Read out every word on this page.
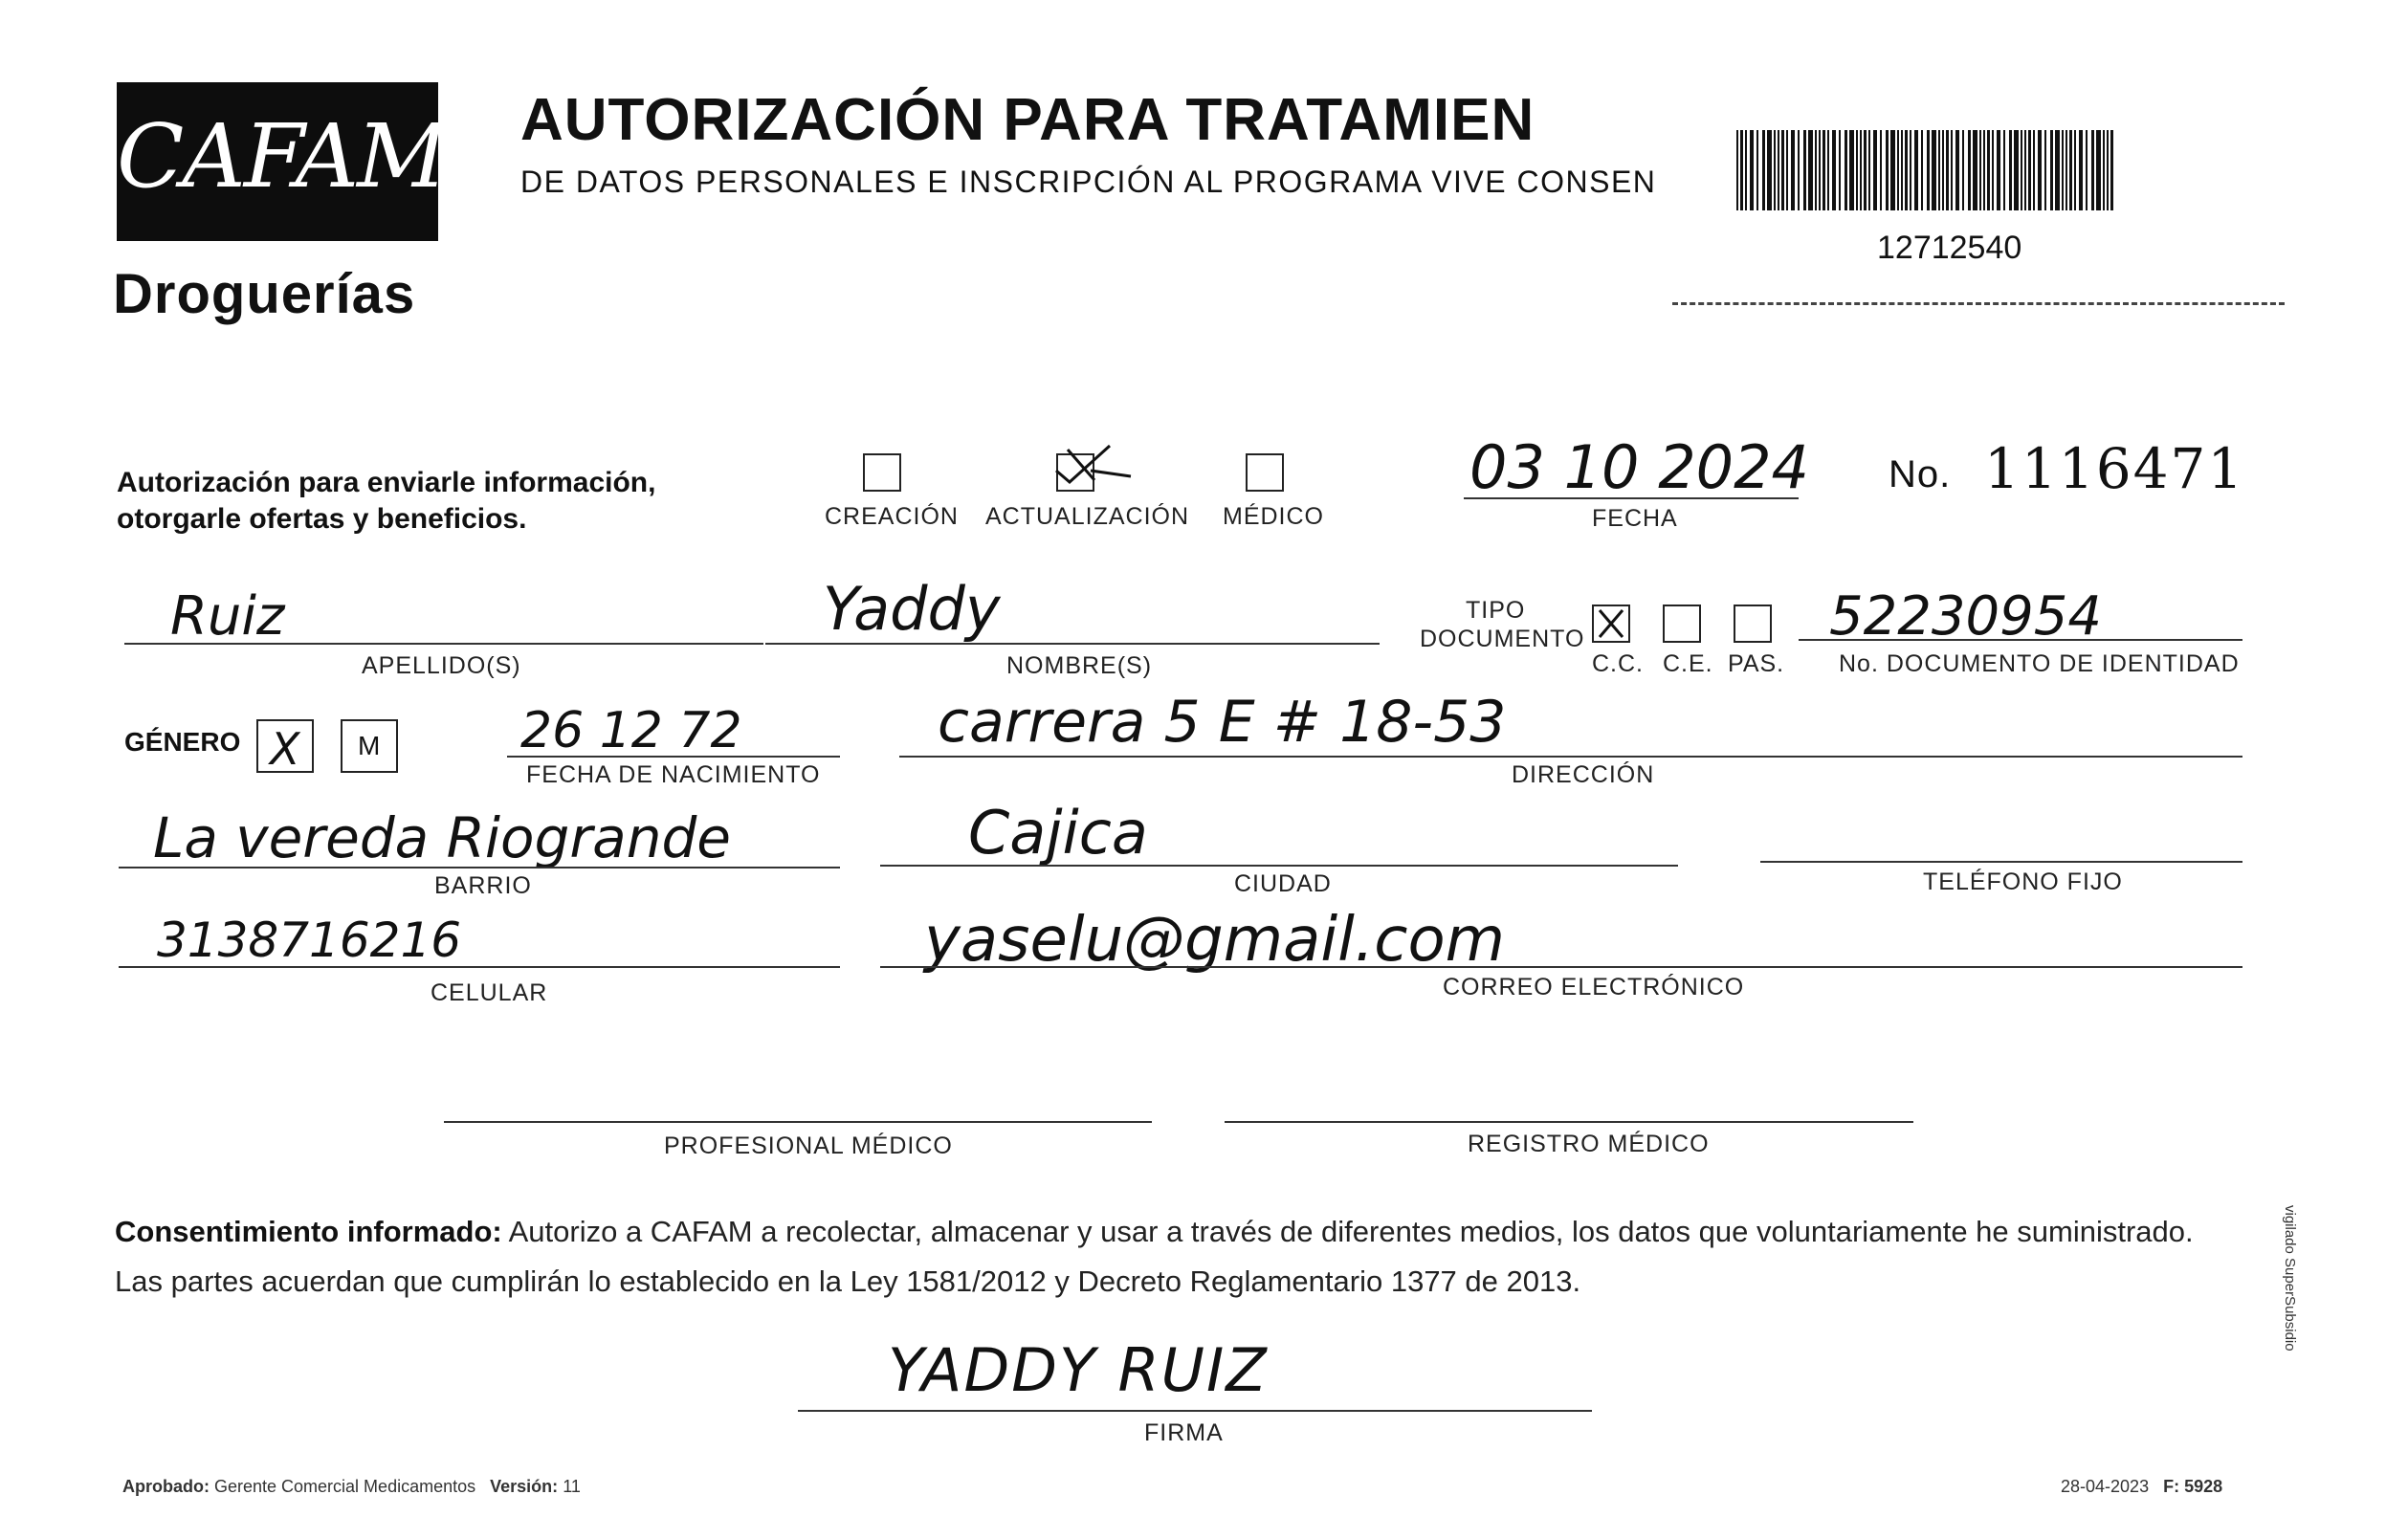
CAFAM
Droguerías
AUTORIZACIÓN PARA TRATAMIEN
DE DATOS PERSONALES E INSCRIPCIÓN AL PROGRAMA VIVE CONSEN
12712540
Autorización para enviarle información,
otorgarle ofertas y beneficios.	CREACIÓN ACTUALIZACIÓN MÉDICO
03 10 2024
FECHA
No. 1116471
Ruiz
APELLIDO(S)
Yaddy
NOMBRE(S)
TIPO
DOCUMENTO
C.C. C.E. PAS.
52230954
No. DOCUMENTO DE IDENTIDAD
GÉNERO X M	26 12 72
FECHA DE NACIMIENTO
carrera 5 E # 18-53
DIRECCIÓN
La vereda Riogrande
BARRIO
Cajica
CIUDAD	TELÉFONO FIJO
3138716216
CELULAR
yaselu@gmail.com
CORREO ELECTRÓNICO
PROFESIONAL MÉDICO	REGISTRO MÉDICO
Consentimiento informado: Autorizo a CAFAM a recolectar, almacenar y usar a través de diferentes medios, los datos que voluntariamente he suministrado.
Las partes acuerdan que cumplirán lo establecido en la Ley 1581/2012 y Decreto Reglamentario 1377 de 2013.
YADDY RUIZ
FIRMA
Aprobado: Gerente Comercial Medicamentos Versión: 11	28-04-2023 F: 5928
vigilado SuperSubsidio
